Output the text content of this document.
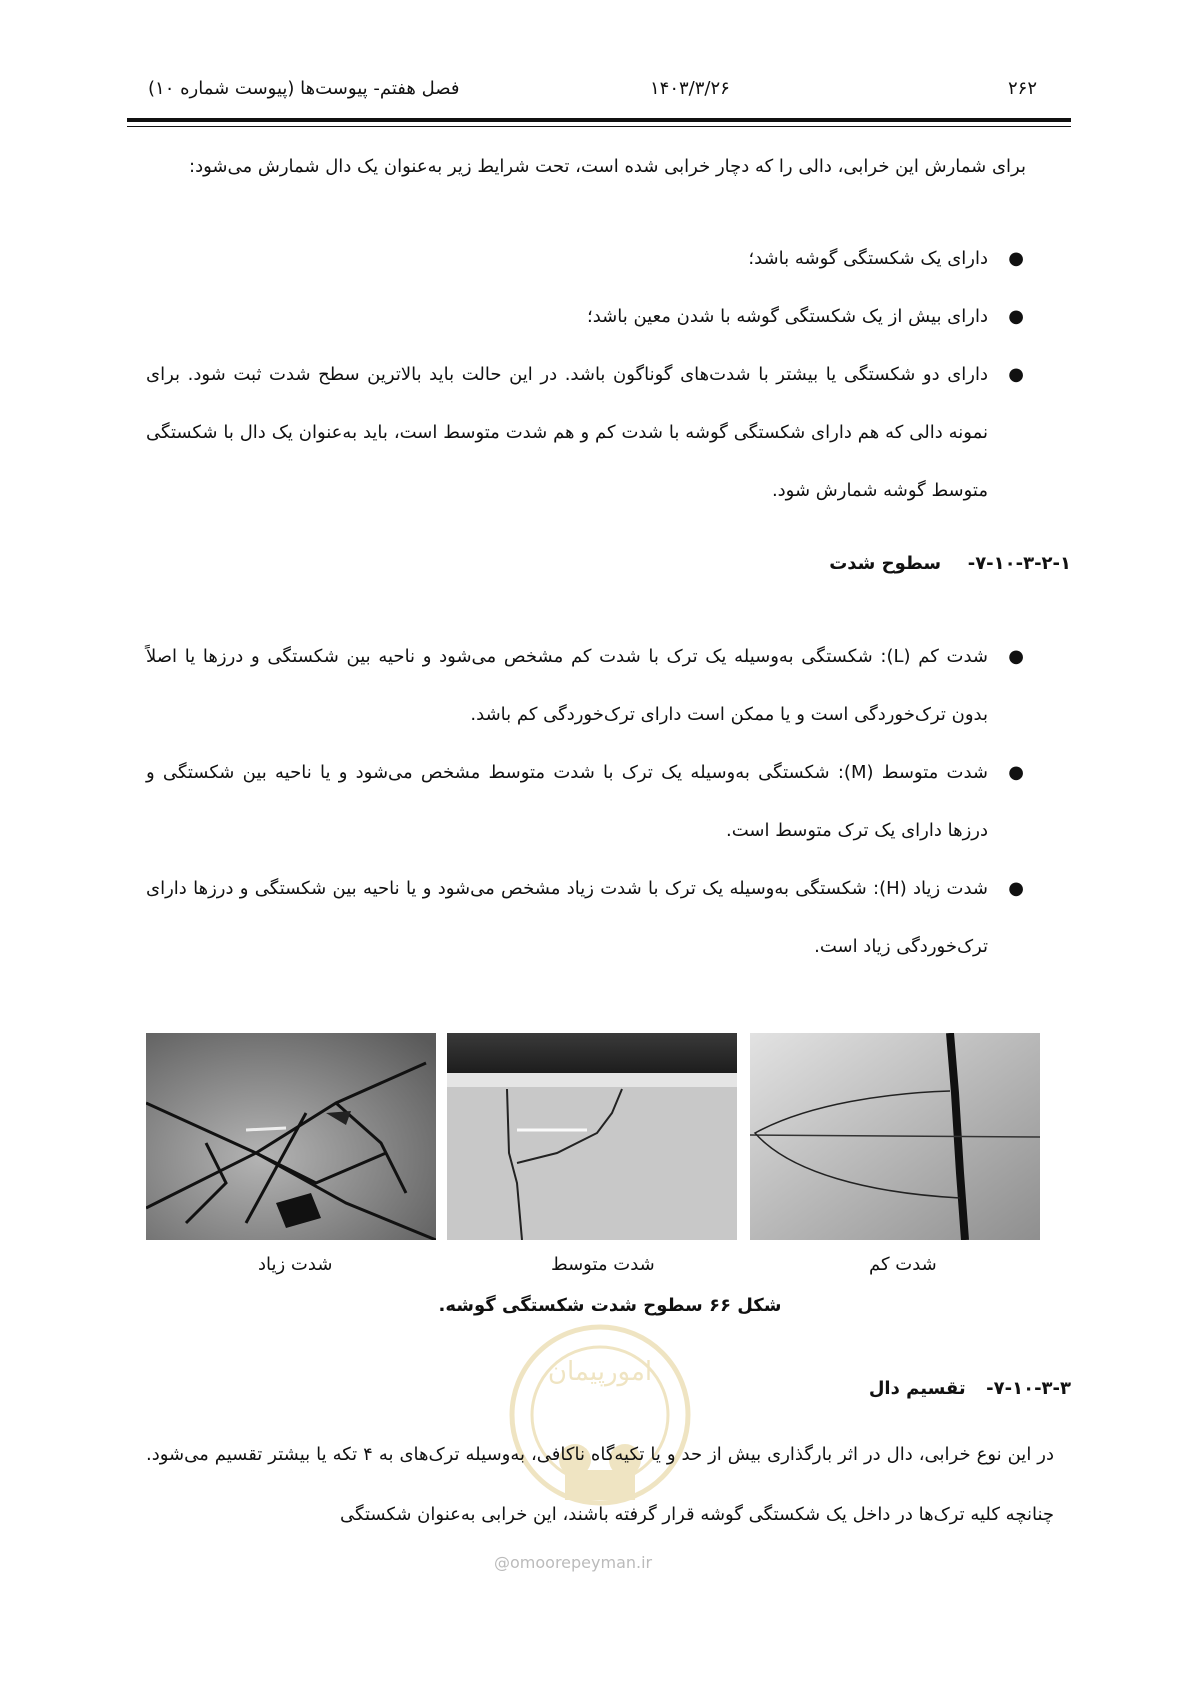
فصل هفتم- پیوست‌ها (پیوست شماره ۱۰)	۱۴۰۳/۳/۲۶	۲۶۲
برای شمارش این خرابی، دالی را که دچار خرابی شده است، تحت شرایط زیر به‌عنوان یک دال شمارش می‌شود:
●
دارای یک شکستگی گوشه باشد؛
●
دارای بیش از یک شکستگی گوشه با شدن معین باشد؛
●
دارای دو شکستگی یا بیشتر با شدت‌های گوناگون باشد. در این حالت باید بالاترین سطح شدت ثبت شود. برای نمونه دالی که هم دارای شکستگی گوشه با شدت کم و هم شدت متوسط است، باید به‌عنوان یک دال با شکستگی متوسط گوشه شمارش شود.
۷-۱۰-۳-۲-۱-  سطوح شدت
●
شدت کم (L): شکستگی به‌وسیله یک ترک با شدت کم مشخص می‌شود و ناحیه بین شکستگی و درزها یا اصلاً بدون ترک‌خوردگی است و یا ممکن است دارای ترک‌خوردگی کم باشد.
●
شدت متوسط (M): شکستگی به‌وسیله یک ترک با شدت متوسط مشخص می‌شود و یا ناحیه بین شکستگی و درزها دارای یک ترک متوسط است.
●
شدت زیاد (H): شکستگی به‌وسیله یک ترک با شدت زیاد مشخص می‌شود و یا ناحیه بین شکستگی و درزها دارای ترک‌خوردگی زیاد است.
شدت زیاد	شدت متوسط	شدت کم
شکل ۶۶ سطوح شدت شکستگی گوشه.
امورپیمان
@omoorepeyman.ir
۷-۱۰-۳-۳-  تقسیم دال
در این نوع خرابی، دال در اثر بارگذاری بیش از حد و یا تکیه‌گاه ناکافی، به‌وسیله ترک‌های به ۴ تکه یا بیشتر تقسیم می‌شود. چنانچه کلیه ترک‌ها در داخل یک شکستگی گوشه قرار گرفته باشند، این خرابی به‌عنوان شکستگی
